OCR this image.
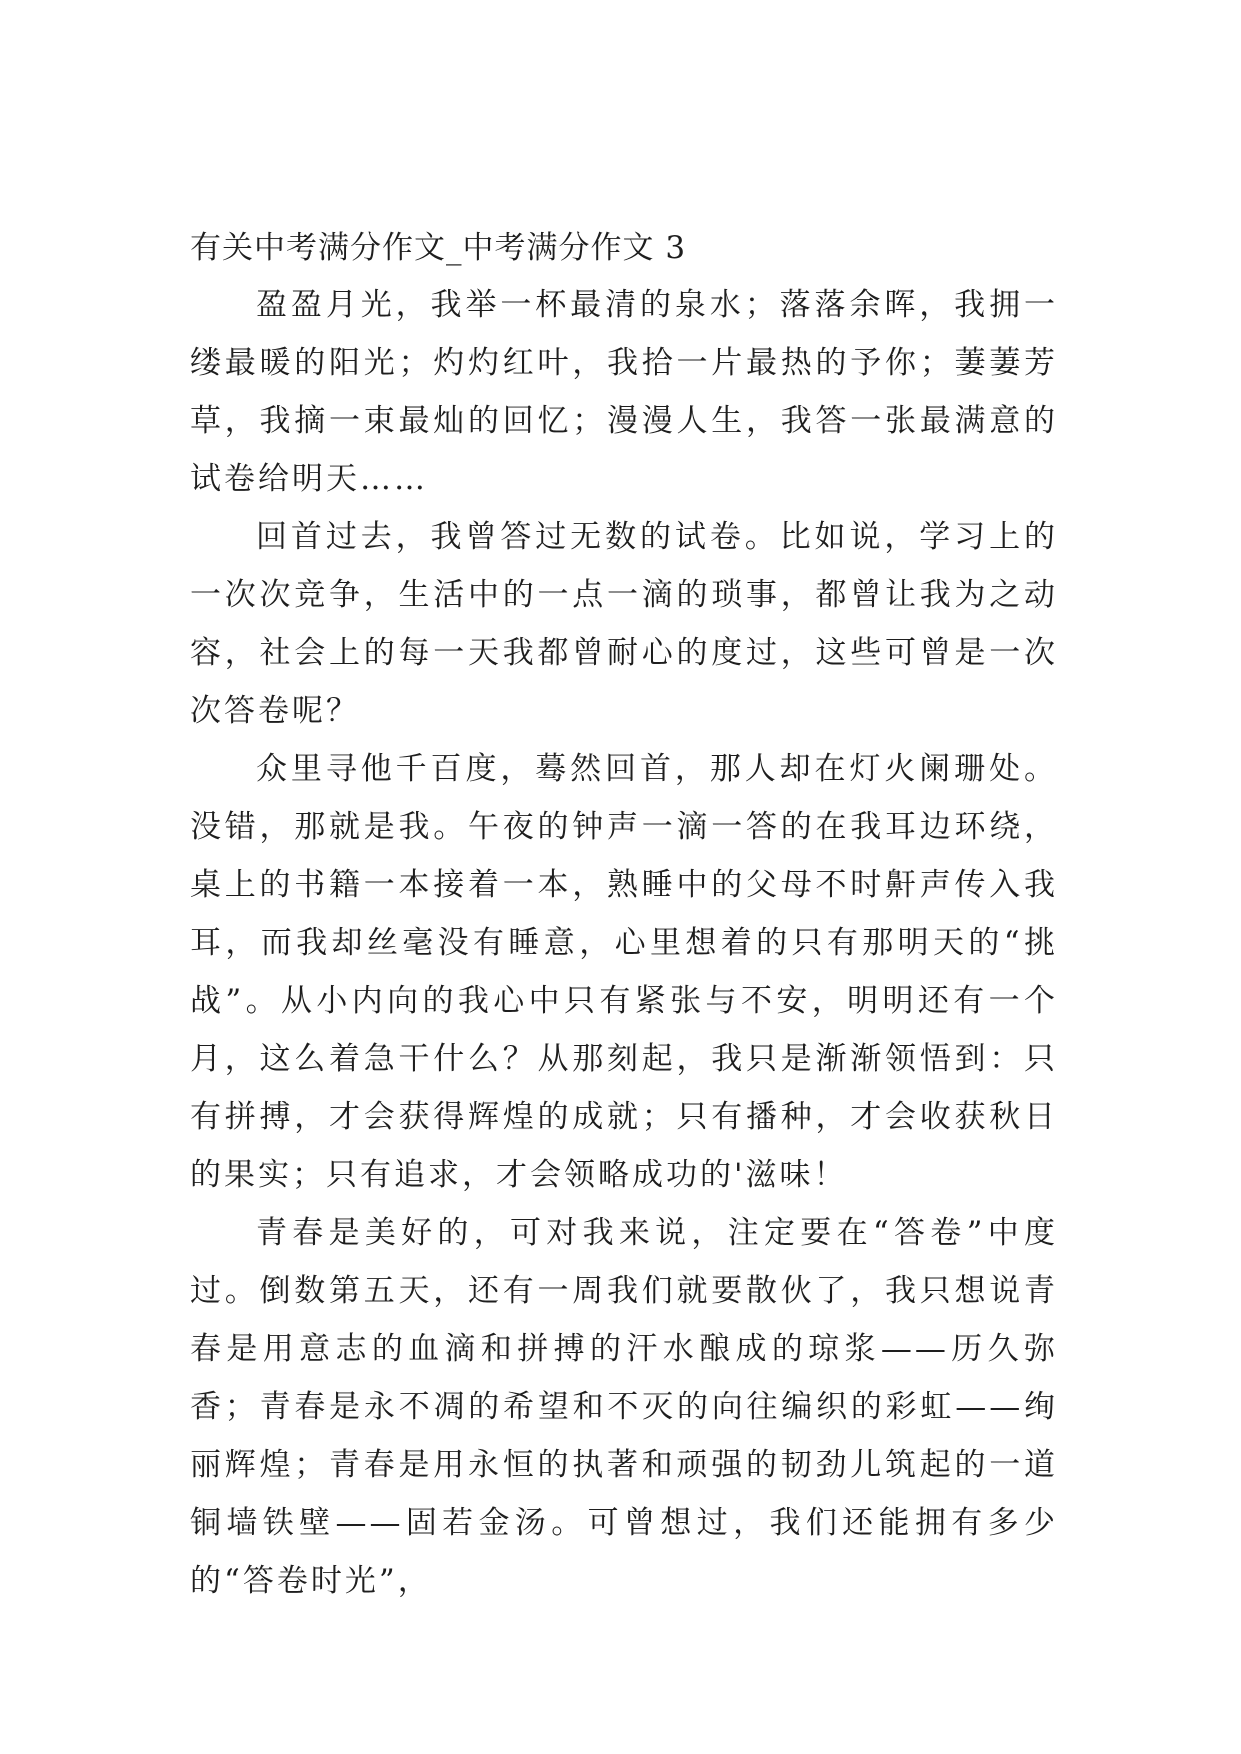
有关中考满分作文_中考满分作文 3

盈盈月光，我举一杯最清的泉水；落落余晖，我拥一缕最暖的阳光；灼灼红叶，我拾一片最热的予你；萋萋芳草，我摘一束最灿的回忆；漫漫人生，我答一张最满意的试卷给明天……

回首过去，我曾答过无数的试卷。比如说，学习上的一次次竞争，生活中的一点一滴的琐事，都曾让我为之动容，社会上的每一天我都曾耐心的度过，这些可曾是一次次答卷呢？

众里寻他千百度，蓦然回首，那人却在灯火阑珊处。没错，那就是我。午夜的钟声一滴一答的在我耳边环绕，桌上的书籍一本接着一本，熟睡中的父母不时鼾声传入我耳，而我却丝毫没有睡意，心里想着的只有那明天的“挑战”。从小内向的我心中只有紧张与不安，明明还有一个月，这么着急干什么？从那刻起，我只是渐渐领悟到：只有拼搏，才会获得辉煌的成就；只有播种，才会收获秋日的果实；只有追求，才会领略成功的'滋味！

青春是美好的，可对我来说，注定要在“答卷”中度过。倒数第五天，还有一周我们就要散伙了，我只想说青春是用意志的血滴和拼搏的汗水酿成的琼浆——历久弥香；青春是永不凋的希望和不灭的向往编织的彩虹——绚丽辉煌；青春是用永恒的执著和顽强的韧劲儿筑起的一道铜墙铁壁——固若金汤。可曾想过，我们还能拥有多少的“答卷时光”，
